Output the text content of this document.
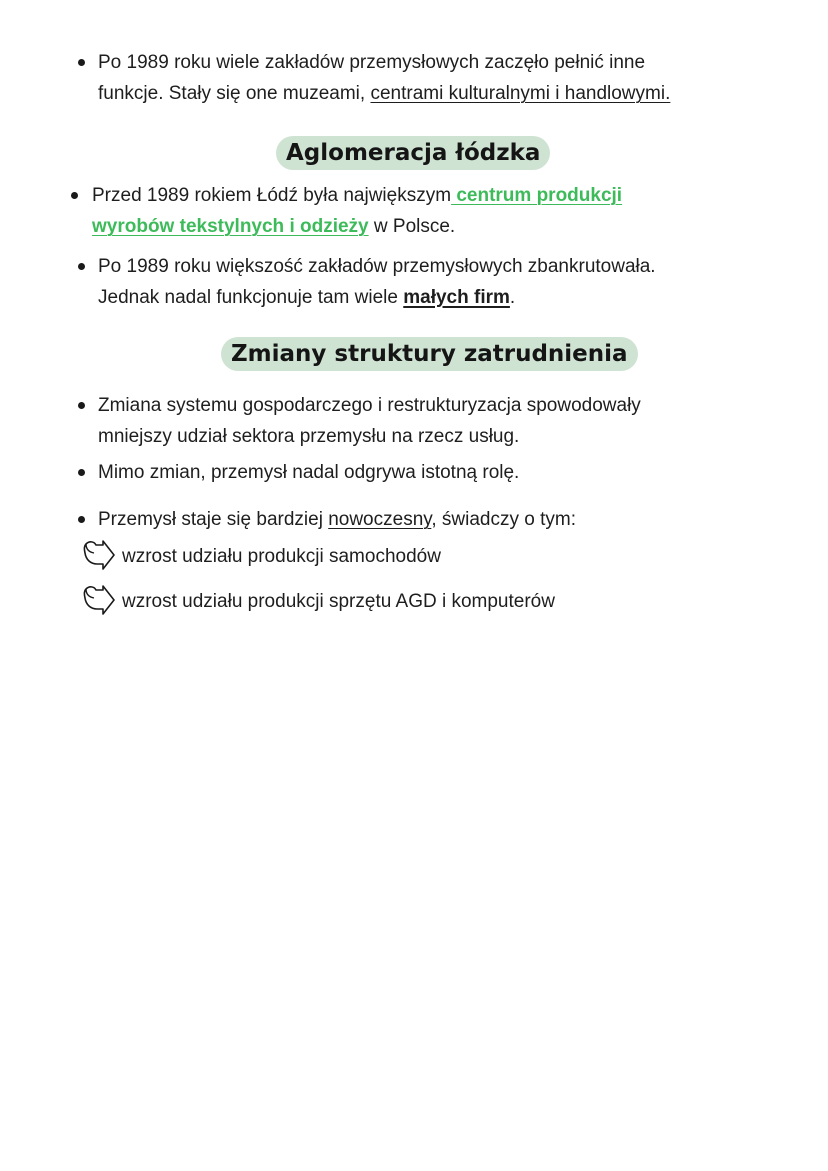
Po 1989 roku wiele zakładów przemysłowych zaczęło pełnić inne
funkcje. Stały się one muzeami, centrami kulturalnymi i handlowymi.
Aglomeracja łódzka
Przed 1989 rokiem Łódź była największym centrum produkcji
wyrobów tekstylnych i odzieży w Polsce.
Po 1989 roku większość zakładów przemysłowych zbankrutowała.
Jednak nadal funkcjonuje tam wiele małych firm.
Zmiany struktury zatrudnienia
Zmiana systemu gospodarczego i restrukturyzacja spowodowały
mniejszy udział sektora przemysłu na rzecz usług.
Mimo zmian, przemysł nadal odgrywa istotną rolę.
Przemysł staje się bardziej nowoczesny, świadczy o tym:
wzrost udziału produkcji samochodów
wzrost udziału produkcji sprzętu AGD i komputerów
